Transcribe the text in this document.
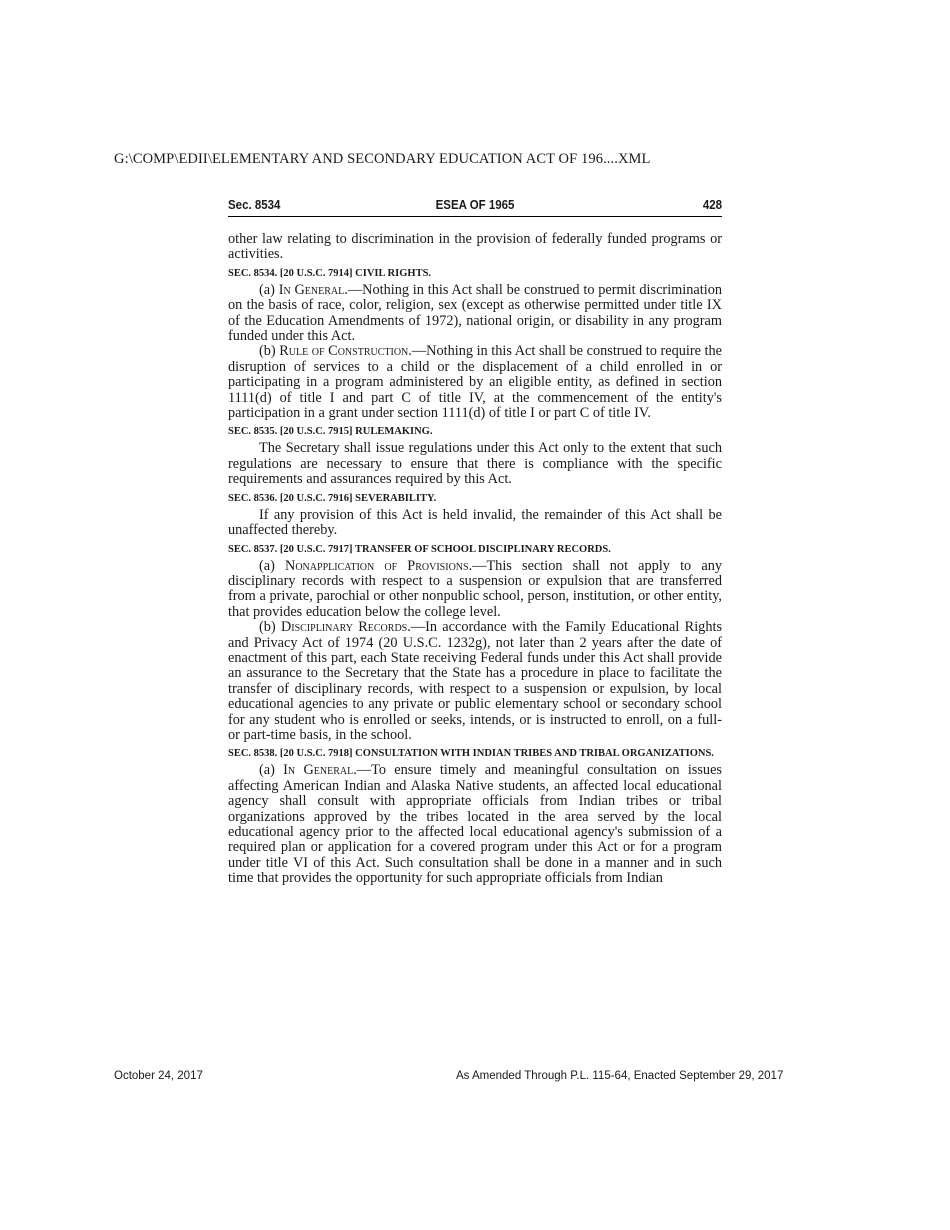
G:\COMP\EDII\ELEMENTARY AND SECONDARY EDUCATION ACT OF 196....XML
Sec. 8534	ESEA OF 1965	428

other law relating to discrimination in the provision of federally funded programs or activities.

SEC. 8534. [20 U.S.C. 7914] CIVIL RIGHTS.

(a) In General.—Nothing in this Act shall be construed to permit discrimination on the basis of race, color, religion, sex (except as otherwise permitted under title IX of the Education Amendments of 1972), national origin, or disability in any program funded under this Act.

(b) Rule of Construction.—Nothing in this Act shall be construed to require the disruption of services to a child or the displacement of a child enrolled in or participating in a program administered by an eligible entity, as defined in section 1111(d) of title I and part C of title IV, at the commencement of the entity's participation in a grant under section 1111(d) of title I or part C of title IV.

SEC. 8535. [20 U.S.C. 7915] RULEMAKING.

The Secretary shall issue regulations under this Act only to the extent that such regulations are necessary to ensure that there is compliance with the specific requirements and assurances required by this Act.

SEC. 8536. [20 U.S.C. 7916] SEVERABILITY.

If any provision of this Act is held invalid, the remainder of this Act shall be unaffected thereby.

SEC. 8537. [20 U.S.C. 7917] TRANSFER OF SCHOOL DISCIPLINARY RECORDS.

(a) Nonapplication of Provisions.—This section shall not apply to any disciplinary records with respect to a suspension or expulsion that are transferred from a private, parochial or other nonpublic school, person, institution, or other entity, that provides education below the college level.

(b) Disciplinary Records.—In accordance with the Family Educational Rights and Privacy Act of 1974 (20 U.S.C. 1232g), not later than 2 years after the date of enactment of this part, each State receiving Federal funds under this Act shall provide an assurance to the Secretary that the State has a procedure in place to facilitate the transfer of disciplinary records, with respect to a suspension or expulsion, by local educational agencies to any private or public elementary school or secondary school for any student who is enrolled or seeks, intends, or is instructed to enroll, on a full- or part-time basis, in the school.

SEC. 8538. [20 U.S.C. 7918] CONSULTATION WITH INDIAN TRIBES AND TRIBAL ORGANIZATIONS.

(a) In General.—To ensure timely and meaningful consultation on issues affecting American Indian and Alaska Native students, an affected local educational agency shall consult with appropriate officials from Indian tribes or tribal organizations approved by the tribes located in the area served by the local educational agency prior to the affected local educational agency's submission of a required plan or application for a covered program under this Act or for a program under title VI of this Act. Such consultation shall be done in a manner and in such time that provides the opportunity for such appropriate officials from Indian

October 24, 2017	As Amended Through P.L. 115-64, Enacted September 29, 2017
